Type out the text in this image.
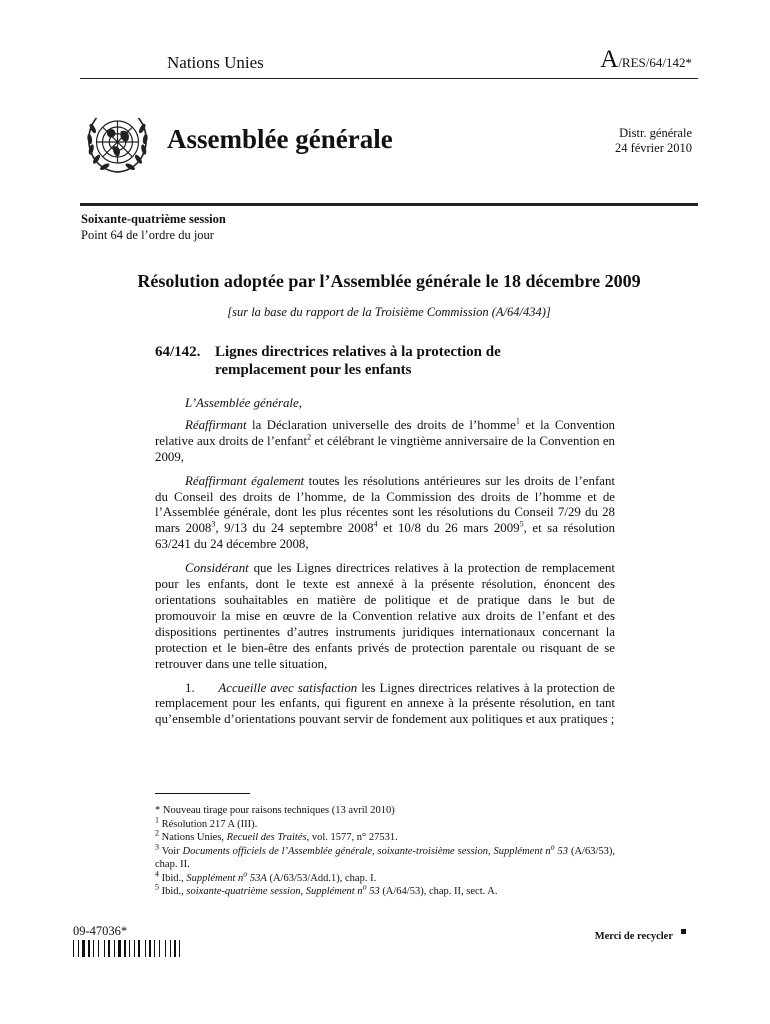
Nations Unies	A/RES/64/142*
Assemblée générale	Distr. générale
24 février 2010
Soixante-quatrième session
Point 64 de l’ordre du jour
Résolution adoptée par l’Assemblée générale le 18 décembre 2009
[sur la base du rapport de la Troisième Commission (A/64/434)]
64/142. Lignes directrices relatives à la protection de
remplacement pour les enfants

L’Assemblée générale,

Réaffirmant la Déclaration universelle des droits de l’homme$^1$ et la Convention relative aux droits de l’enfant$^2$ et célébrant le vingtième anniversaire de la Convention en 2009,

Réaffirmant également toutes les résolutions antérieures sur les droits de l’enfant du Conseil des droits de l’homme, de la Commission des droits de l’homme et de l’Assemblée générale, dont les plus récentes sont les résolutions du Conseil 7/29 du 28 mars 2008$^3$, 9/13 du 24 septembre 2008$^4$ et 10/8 du 26 mars 2009$^5$, et sa résolution 63/241 du 24 décembre 2008,

Considérant que les Lignes directrices relatives à la protection de remplacement pour les enfants, dont le texte est annexé à la présente résolution, énoncent des orientations souhaitables en matière de politique et de pratique dans le but de promouvoir la mise en œuvre de la Convention relative aux droits de l’enfant et des dispositions pertinentes d’autres instruments juridiques internationaux concernant la protection et le bien-être des enfants privés de protection parentale ou risquant de se retrouver dans une telle situation,

1. Accueille avec satisfaction les Lignes directrices relatives à la protection de remplacement pour les enfants, qui figurent en annexe à la présente résolution, en tant qu’ensemble d’orientations pouvant servir de fondement aux politiques et aux pratiques ;

* Nouveau tirage pour raisons techniques (13 avril 2010)
$^1$ Résolution 217 A (III).
$^2$ Nations Unies, Recueil des Traités, vol. 1577, n° 27531.
$^3$ Voir Documents officiels de l’Assemblée générale, soixante-troisième session, Supplément $n^o$ 53 (A/63/53), chap. II.
$^4$ Ibid., Supplément $n^o$ 53A (A/63/53/Add.1), chap. I.
$^5$ Ibid., soixante-quatrième session, Supplément $n^o$ 53 (A/64/53), chap. II, sect. A.
09-47036*	Merci de recycler
